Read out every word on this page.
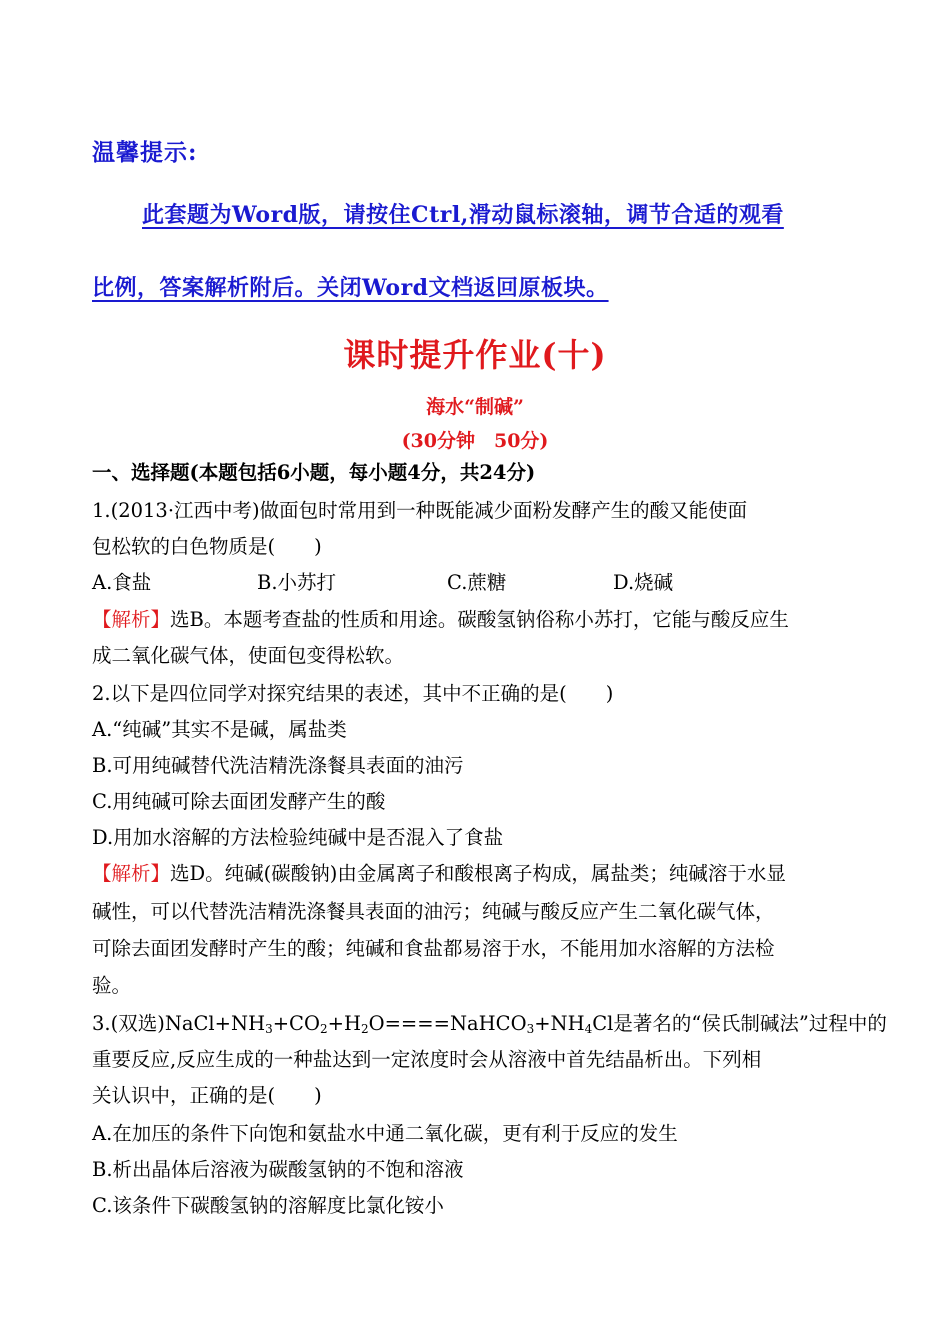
温馨提示:
此套题为Word版，请按住Ctrl,滑动鼠标滚轴，调节合适的观看
比例，答案解析附后。关闭Word文档返回原板块。
课时提升作业(十)
海水“制碱”
(30分钟　50分)
一、选择题(本题包括6小题，每小题4分，共24分)
1.(2013·江西中考)做面包时常用到一种既能减少面粉发酵产生的酸又能使面
包松软的白色物质是(　　)
A.食盐	B.小苏打	C.蔗糖	D.烧碱
【解析】选B。本题考查盐的性质和用途。碳酸氢钠俗称小苏打，它能与酸反应生
成二氧化碳气体，使面包变得松软。
2.以下是四位同学对探究结果的表述，其中不正确的是(　　)
A.“纯碱”其实不是碱，属盐类
B.可用纯碱替代洗洁精洗涤餐具表面的油污
C.用纯碱可除去面团发酵产生的酸
D.用加水溶解的方法检验纯碱中是否混入了食盐
【解析】选D。纯碱(碳酸钠)由金属离子和酸根离子构成，属盐类；纯碱溶于水显
碱性，可以代替洗洁精洗涤餐具表面的油污；纯碱与酸反应产生二氧化碳气体，
可除去面团发酵时产生的酸；纯碱和食盐都易溶于水，不能用加水溶解的方法检
验。
3.(双选)$NaCl+NH_3+CO_2+H_2O====NaHCO_3+NH_4Cl$是著名的“侯氏制碱法”过程中的
重要反应,反应生成的一种盐达到一定浓度时会从溶液中首先结晶析出。下列相
关认识中，正确的是(　　)
A.在加压的条件下向饱和氨盐水中通二氧化碳，更有利于反应的发生
B.析出晶体后溶液为碳酸氢钠的不饱和溶液
C.该条件下碳酸氢钠的溶解度比氯化铵小
